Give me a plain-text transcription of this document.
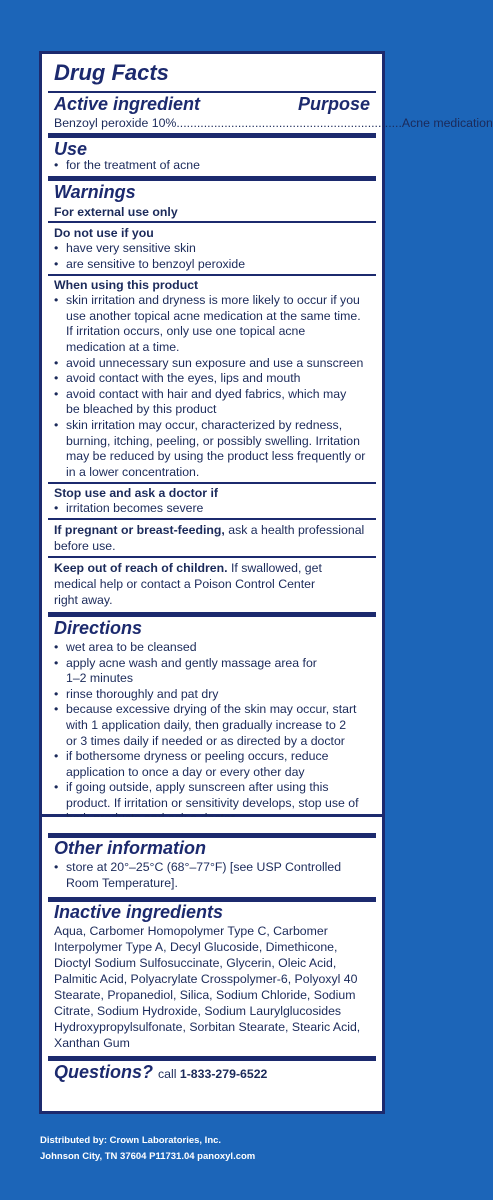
Drug Facts
Active ingredient	Purpose
Benzoyl peroxide 10% .................................................................. Acne medication
Use
• for the treatment of acne
Warnings
For external use only
Do not use if you
• have very sensitive skin
• are sensitive to benzoyl peroxide
When using this product
• skin irritation and dryness is more likely to occur if you
use another topical acne medication at the same time.
If irritation occurs, only use one topical acne
medication at a time.
• avoid unnecessary sun exposure and use a sunscreen
• avoid contact with the eyes, lips and mouth
• avoid contact with hair and dyed fabrics, which may
be bleached by this product
• skin irritation may occur, characterized by redness,
burning, itching, peeling, or possibly swelling. Irritation
may be reduced by using the product less frequently or
in a lower concentration.
Stop use and ask a doctor if
• irritation becomes severe
If pregnant or breast-feeding, ask a health professional
before use.
Keep out of reach of children. If swallowed, get
medical help or contact a Poison Control Center
right away.
Directions
• wet area to be cleansed
• apply acne wash and gently massage area for
1–2 minutes
• rinse thoroughly and pat dry
• because excessive drying of the skin may occur, start
with 1 application daily, then gradually increase to 2
or 3 times daily if needed or as directed by a doctor
• if bothersome dryness or peeling occurs, reduce
application to once a day or every other day
• if going outside, apply sunscreen after using this
product. If irritation or sensitivity develops, stop use of
Other information
• store at 20°–25°C (68°–77°F) [see USP Controlled
Room Temperature].
Inactive ingredients
Aqua, Carbomer Homopolymer Type C, Carbomer
Interpolymer Type A, Decyl Glucoside, Dimethicone,
Dioctyl Sodium Sulfosuccinate, Glycerin, Oleic Acid,
Palmitic Acid, Polyacrylate Crosspolymer-6, Polyoxyl 40
Stearate, Propanediol, Silica, Sodium Chloride, Sodium
Citrate, Sodium Hydroxide, Sodium Laurylglucosides
Hydroxypropylsulfonate, Sorbitan Stearate, Stearic Acid,
Xanthan Gum
Questions? call 1-833-279-6522
Distributed by: Crown Laboratories, Inc.
Johnson City, TN 37604 P11731.04 panoxyl.com
